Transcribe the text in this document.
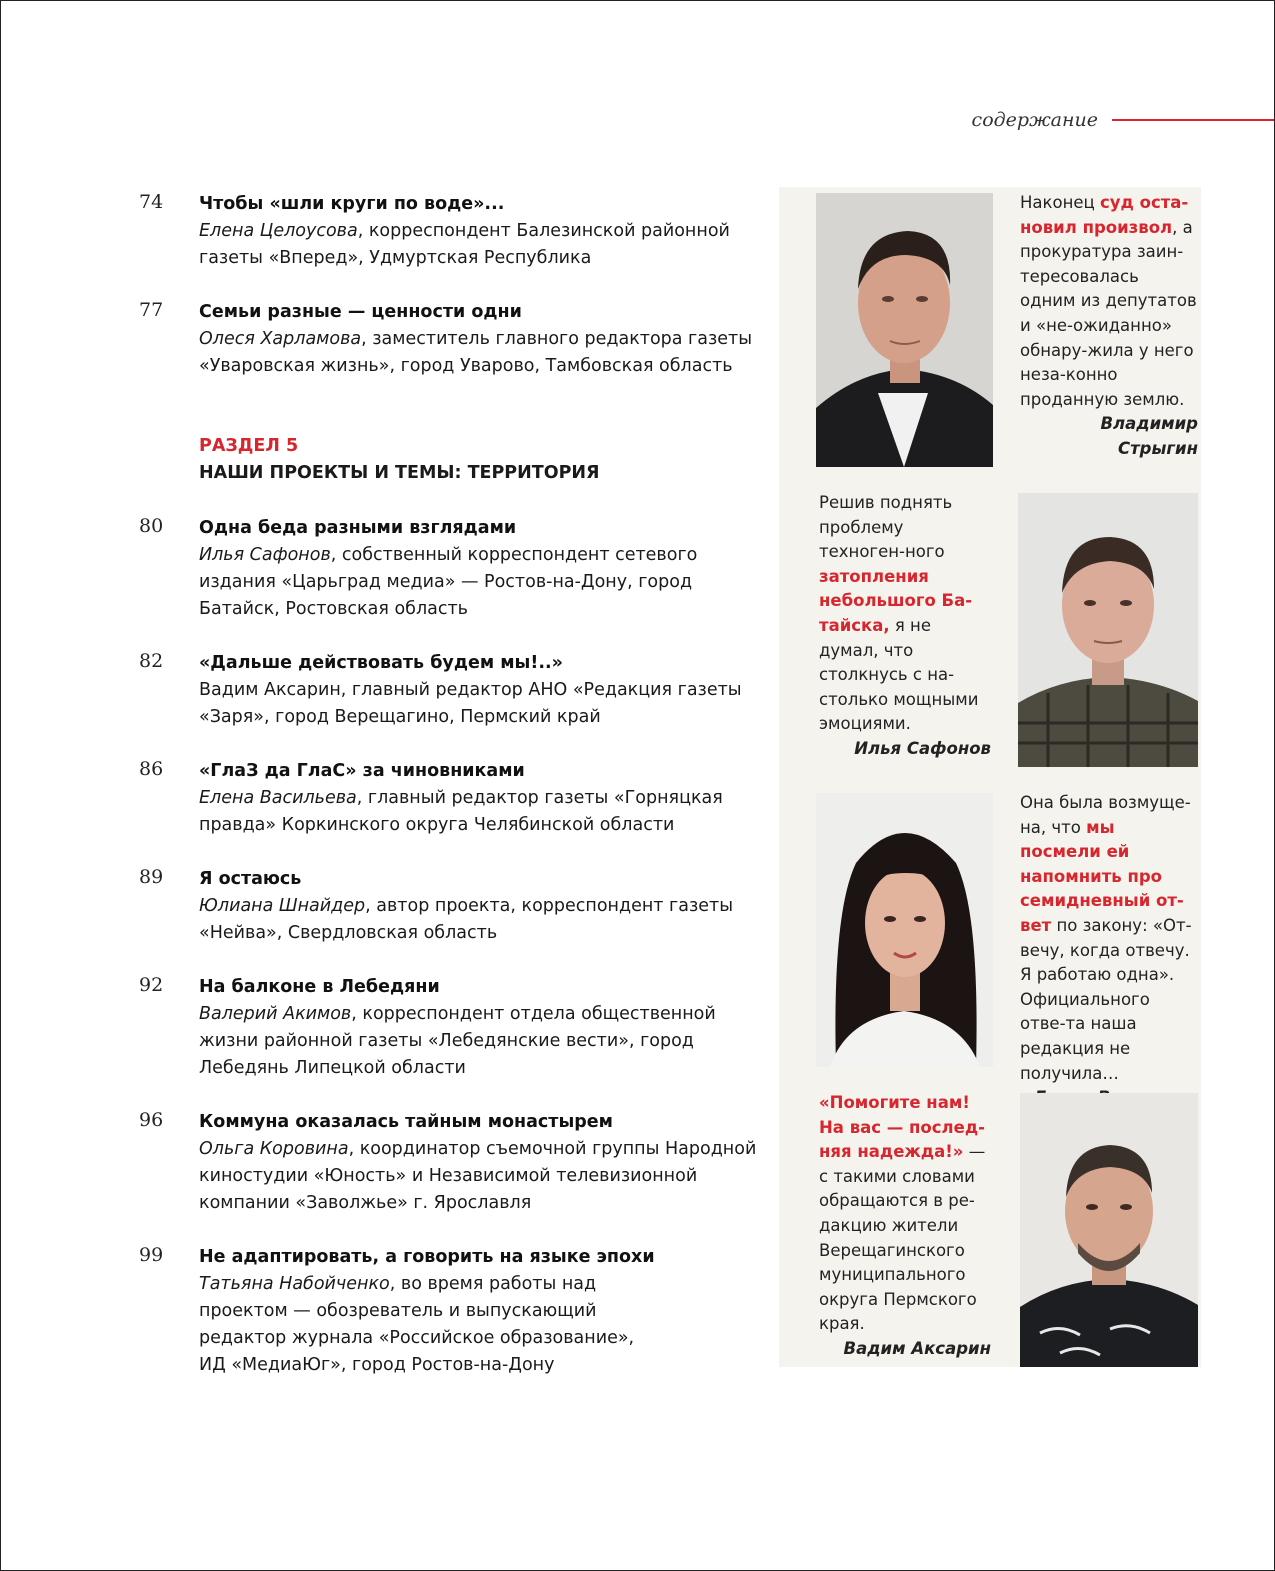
содержание
74 Чтобы «шли круги по воде»...
Елена Целоусова, корреспондент Балезинской районной газеты «Вперед», Удмуртская Республика
77 Семьи разные — ценности одни
Олеся Харламова, заместитель главного редактора газеты «Уваровская жизнь», город Уварово, Тамбовская область
РАЗДЕЛ 5
НАШИ ПРОЕКТЫ И ТЕМЫ: ТЕРРИТОРИЯ
80 Одна беда разными взглядами
Илья Сафонов, собственный корреспондент сетевого издания «Царьград медиа» — Ростов-на-Дону, город Батайск, Ростовская область
82 «Дальше действовать будем мы!..»
Вадим Аксарин, главный редактор АНО «Редакция газеты «Заря», город Верещагино, Пермский край
86 «ГлаЗ да ГлаС» за чиновниками
Елена Васильева, главный редактор газеты «Горняцкая правда» Коркинского округа Челябинской области
89 Я остаюсь
Юлиана Шнайдер, автор проекта, корреспондент газеты «Нейва», Свердловская область
92 На балконе в Лебедяни
Валерий Акимов, корреспондент отдела общественной жизни районной газеты «Лебедянские вести», город Лебедянь Липецкой области
96 Коммуна оказалась тайным монастырем
Ольга Коровина, координатор съемочной группы Народной киностудии «Юность» и Независимой телевизионной компании «Заволжье» г. Ярославля
99 Не адаптировать, а говорить на языке эпохи
Татьяна Набойченко, во время работы над проектом — обозреватель и выпускающий редактор журнала «Российское образование», ИД «МедиаЮг», город Ростов-на-Дону
Наконец суд оста-новил произвол, а прокуратура заин-тересовалась одним из депутатов и «не-ожиданно» обнару-жила у него неза-конно проданную землю.
Владимир Стрыгин
Решив поднять проблему техноген-ного затопления небольшого Ба-тайска, я не думал, что столкнусь с на-столько мощными эмоциями.
Илья Сафонов
Она была возмуще-на, что мы посмели ей напомнить про семидневный от-вет по закону: «От-вечу, когда отвечу. Я работаю одна». Официального отве-та наша редакция не получила…
«Помогите нам! На вас — послед-няя надежда!» — с такими словами обращаются в ре-дакцию жители Верещагинского муниципального округа Пермского края.
Вадим Аксарин
